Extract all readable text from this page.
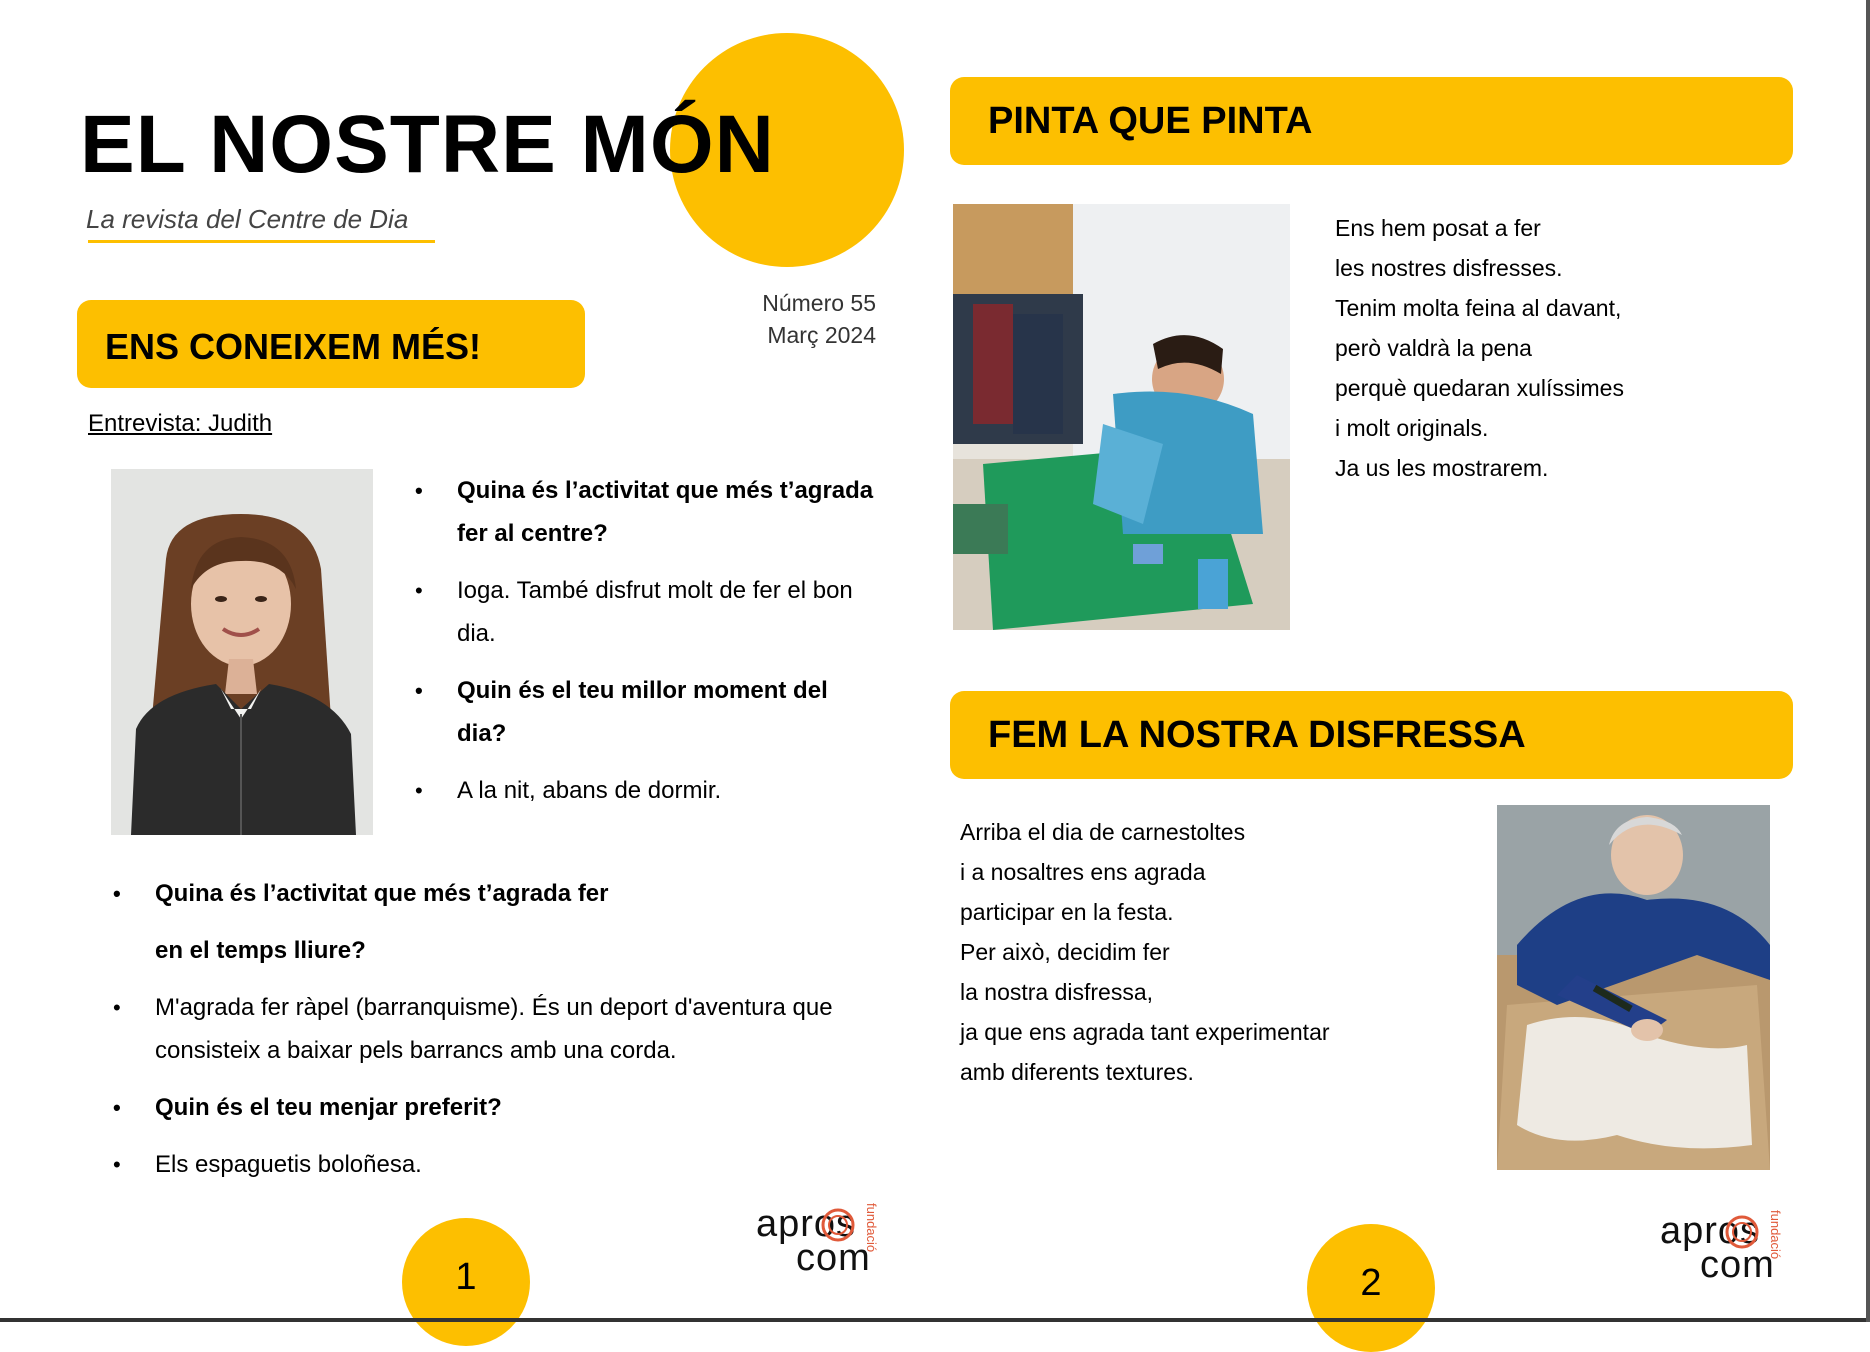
EL NOSTRE MÓN
La revista del Centre de Dia
Número 55
Març 2024
ENS CONEIXEM MÉS!
Entrevista: Judith
• Quina és l’activitat que més t’agrada fer al centre?
• Ioga. També disfrut molt de fer el bon dia.
• Quin és el teu millor moment del dia?
• A la nit, abans de dormir.
• Quina és l’activitat que més t’agrada fer
en el temps lliure?
• M'agrada fer ràpel (barranquisme). És un deport d'aventura que consisteix a baixar pels barrancs amb una corda.
• Quin és el teu menjar preferit?
• Els espaguetis boloñesa.
1
apros
com
fundació
PINTA QUE PINTA
Ens hem posat a fer
les nostres disfresses.
Tenim molta feina al davant,
però valdrà la pena
perquè quedaran xulíssimes
i molt originals.
Ja us les mostrarem.
FEM LA NOSTRA DISFRESSA
Arriba el dia de carnestoltes
i a nosaltres ens agrada
participar en la festa.
Per això, decidim fer
la nostra disfressa,
ja que ens agrada tant experimentar
amb diferents textures.
2
apros
com
fundació
